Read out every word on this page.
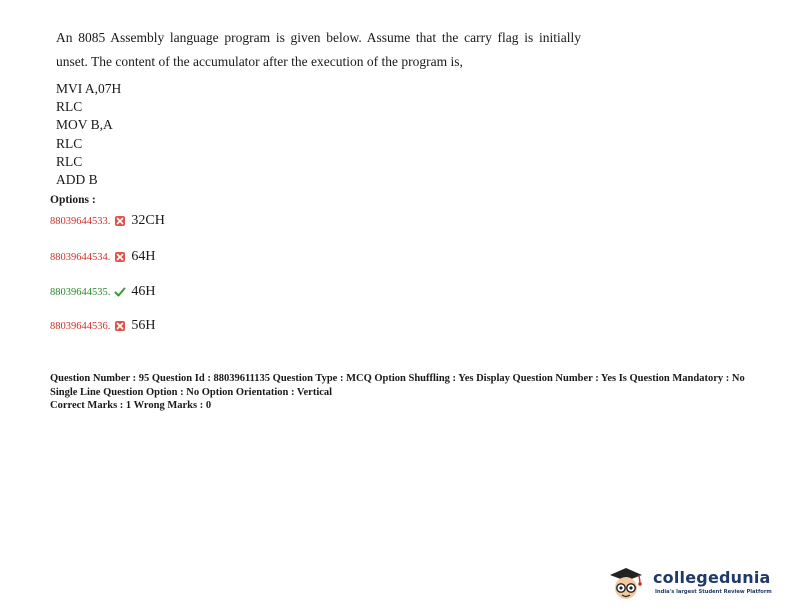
An 8085 Assembly language program is given below. Assume that the carry flag is initially unset. The content of the accumulator after the execution of the program is,
MVI A,07H
RLC
MOV B,A
RLC
RLC
ADD B
Options :
88039644533. 32CH
88039644534. 64H
88039644535. 46H
88039644536. 56H
Question Number : 95 Question Id : 88039611135 Question Type : MCQ Option Shuffling : Yes Display Question Number : Yes Is Question Mandatory : No Single Line Question Option : No Option Orientation : Vertical
Correct Marks : 1 Wrong Marks : 0
collegedunia
India's largest Student Review Platform
